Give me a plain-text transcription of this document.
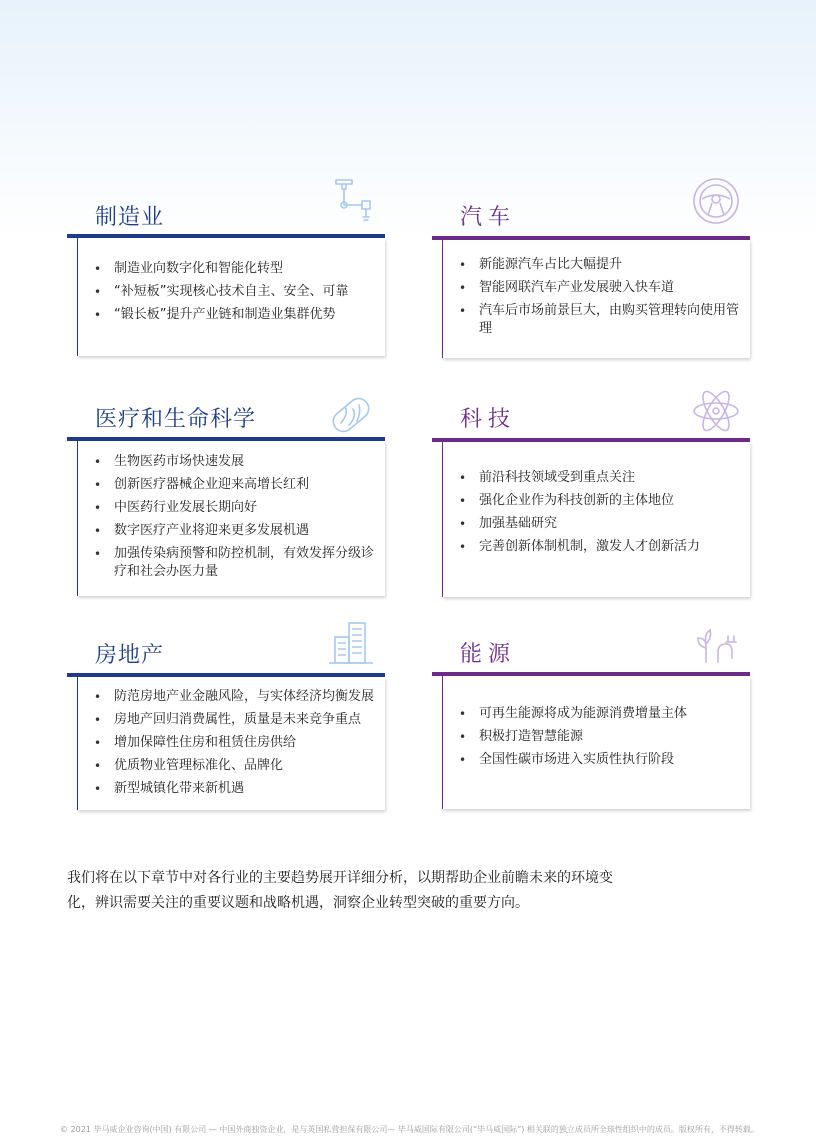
制造业
• 制造业向数字化和智能化转型
• “补短板”实现核心技术自主、安全、可靠
• “锻长板”提升产业链和制造业集群优势
汽车
• 新能源汽车占比大幅提升
• 智能网联汽车产业发展驶入快车道
• 汽车后市场前景巨大，由购买管理转向使用管理
医疗和生命科学
• 生物医药市场快速发展
• 创新医疗器械企业迎来高增长红利
• 中医药行业发展长期向好
• 数字医疗产业将迎来更多发展机遇
• 加强传染病预警和防控机制，有效发挥分级诊疗和社会办医力量
科技
• 前沿科技领域受到重点关注
• 强化企业作为科技创新的主体地位
• 加强基础研究
• 完善创新体制机制，激发人才创新活力
房地产
• 防范房地产业金融风险，与实体经济均衡发展
• 房地产回归消费属性，质量是未来竞争重点
• 增加保障性住房和租赁住房供给
• 优质物业管理标准化、品牌化
• 新型城镇化带来新机遇
能源
• 可再生能源将成为能源消费增量主体
• 积极打造智慧能源
• 全国性碳市场进入实质性执行阶段

我们将在以下章节中对各行业的主要趋势展开详细分析，以期帮助企业前瞻未来的环境变化，辨识需要关注的重要议题和战略机遇，洞察企业转型突破的重要方向。

© 2021 毕马威企业咨询(中国) 有限公司 — 中国外商独资企业，是与英国私营担保有限公司— 毕马威国际有限公司(“毕马威国际”) 相关联的独立成员所全球性组织中的成员。版权所有，不得转载。
